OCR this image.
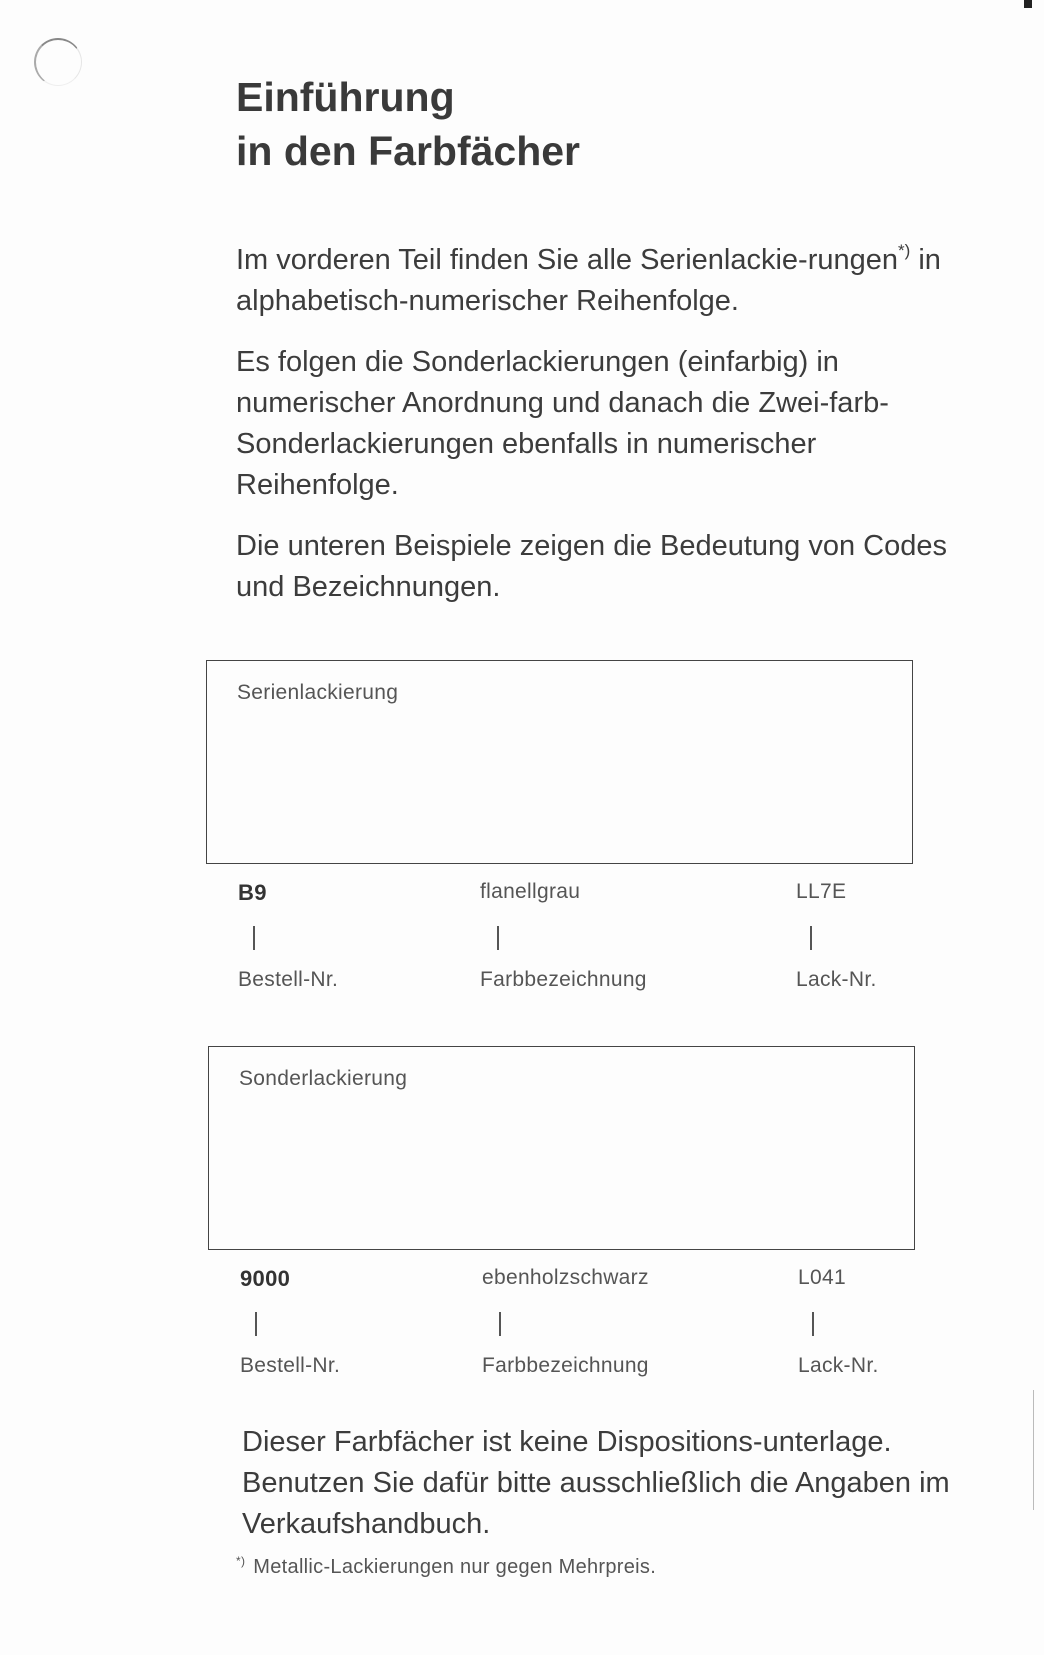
Einführung
in den Farbfächer

Im vorderen Teil finden Sie alle Serienlackie-rungen*) in alphabetisch-numerischer Reihenfolge.

Es folgen die Sonderlackierungen (einfarbig) in numerischer Anordnung und danach die Zwei-farb-Sonderlackierungen ebenfalls in numerischer Reihenfolge.

Die unteren Beispiele zeigen die Bedeutung von Codes und Bezeichnungen.

Serienlackierung
B9	flanellgrau	LL7E
Bestell-Nr.	Farbbezeichnung	Lack-Nr.
Sonderlackierung
9000	ebenholzschwarz	L041
Bestell-Nr.	Farbbezeichnung	Lack-Nr.

Dieser Farbfächer ist keine Dispositions-unterlage. Benutzen Sie dafür bitte ausschließlich die Angaben im Verkaufshandbuch.

*) Metallic-Lackierungen nur gegen Mehrpreis.
